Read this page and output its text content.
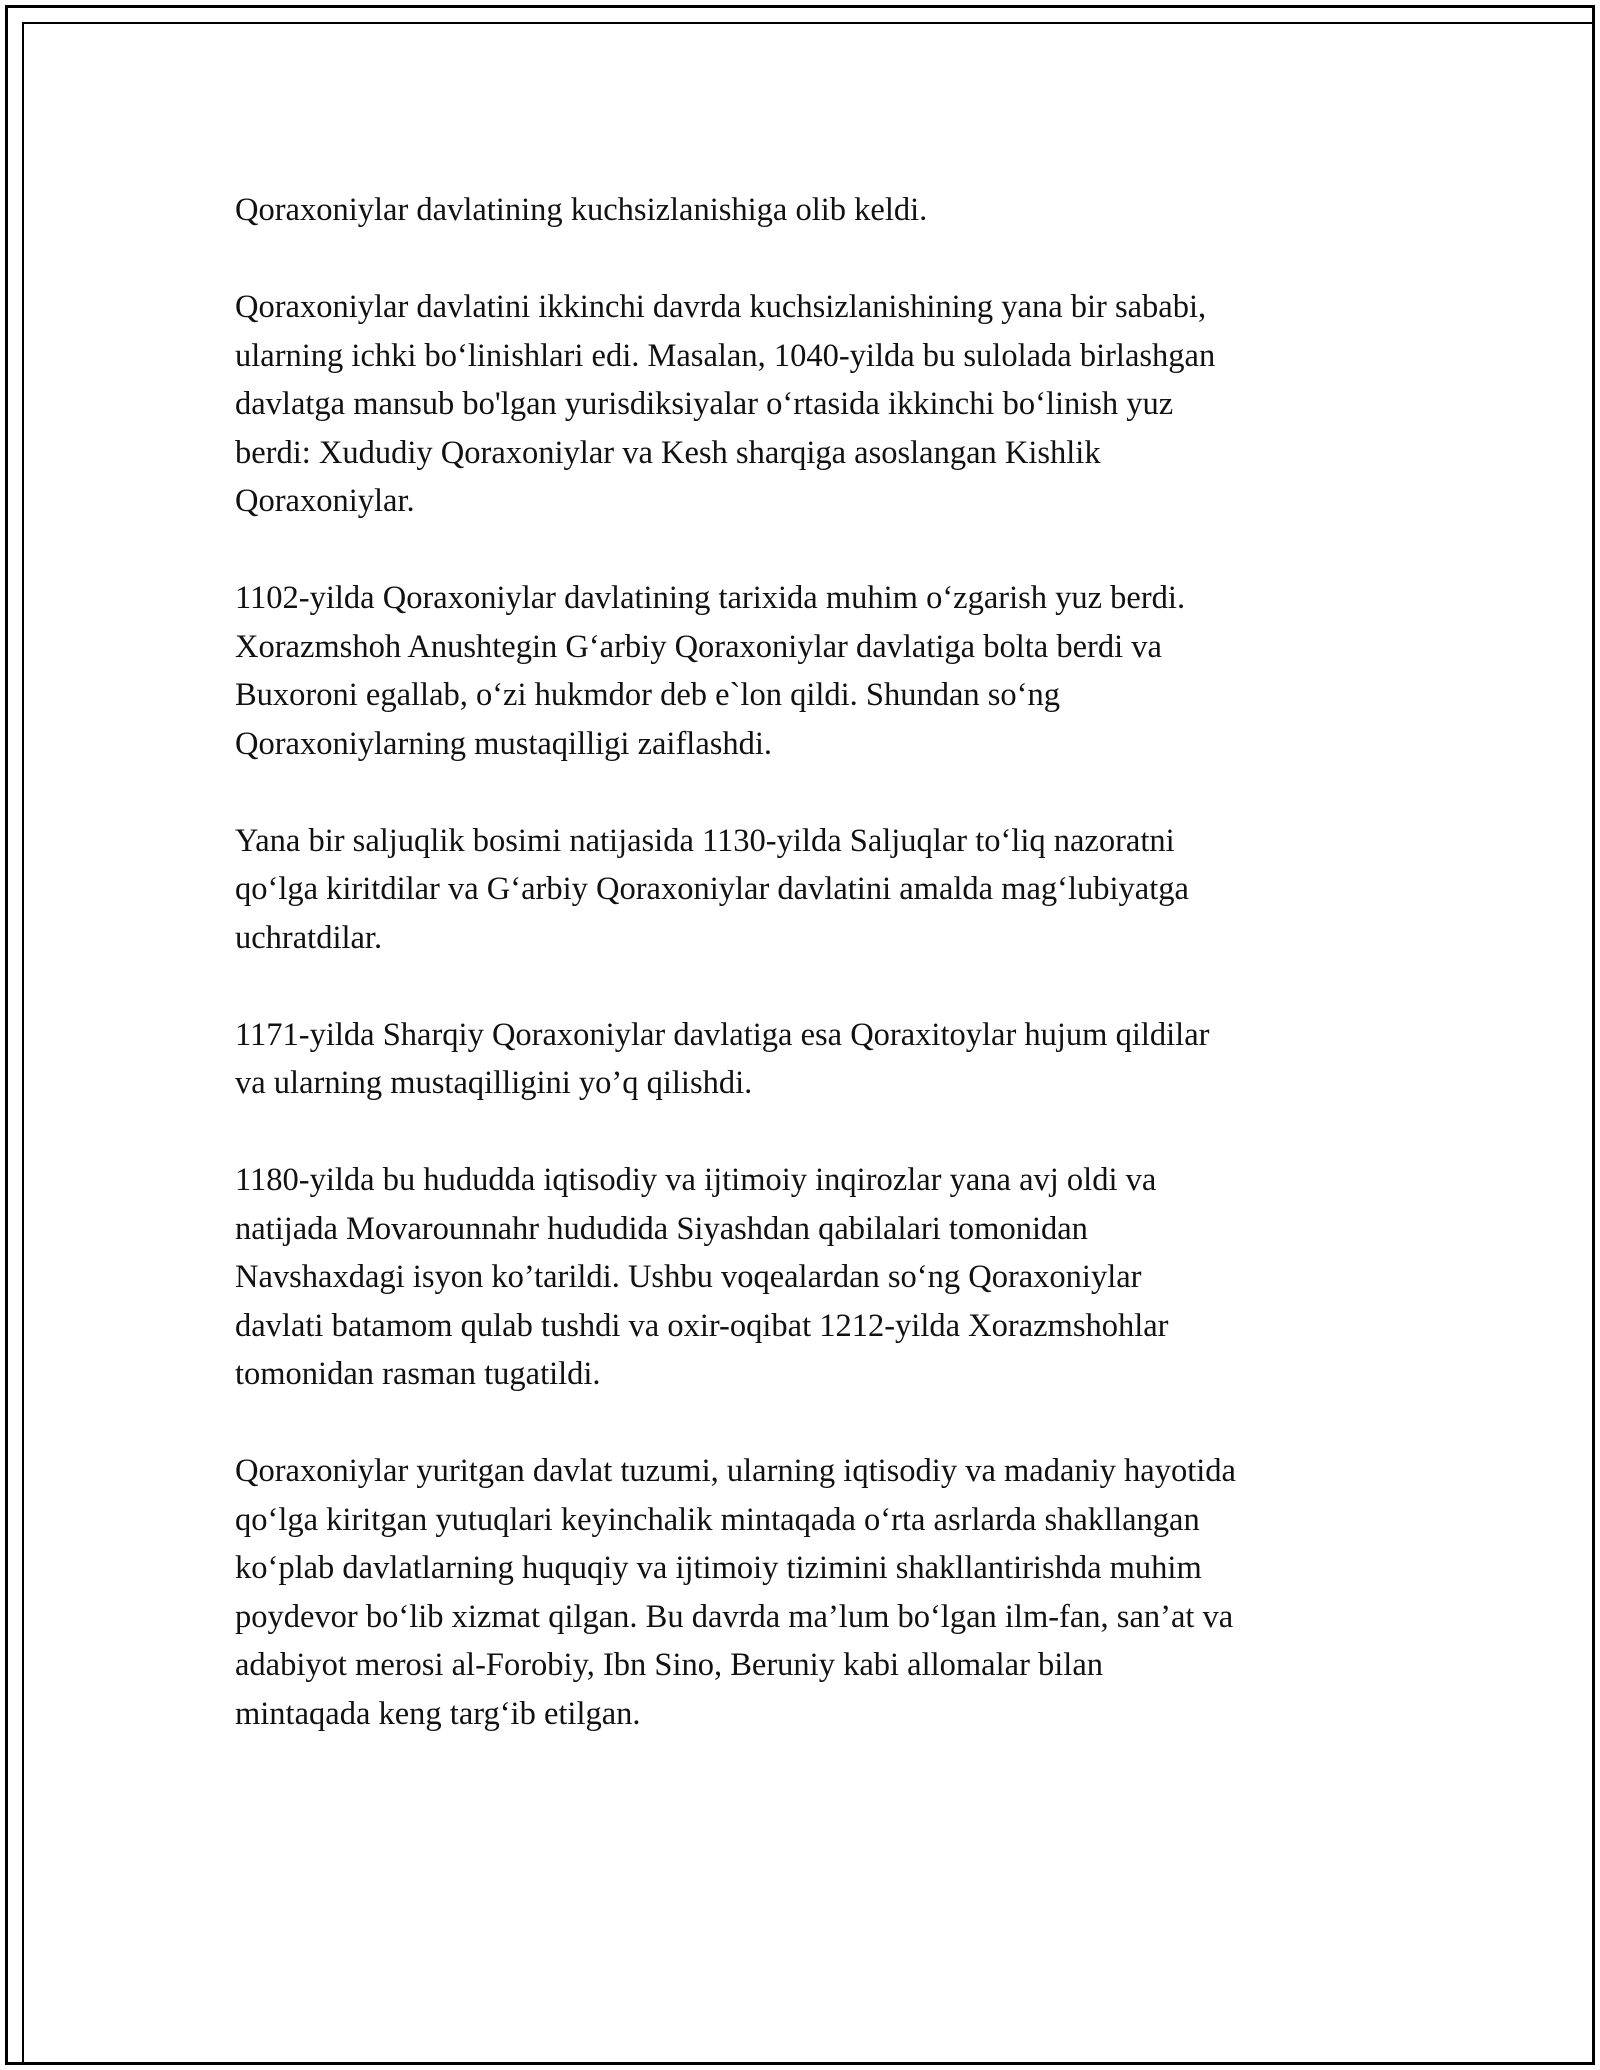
Qoraxoniylar davlatining kuchsizlanishiga olib keldi.

Qoraxoniylar davlatini ikkinchi davrda kuchsizlanishining yana bir sababi,
ularning ichki bo‘linishlari edi. Masalan, 1040-yilda bu sulolada birlashgan
davlatga mansub bo'lgan yurisdiksiyalar o‘rtasida ikkinchi bo‘linish yuz
berdi: Xududiy Qoraxoniylar va Kesh sharqiga asoslangan Kishlik
Qoraxoniylar.

1102-yilda Qoraxoniylar davlatining tarixida muhim o‘zgarish yuz berdi.
Xorazmshoh Anushtegin G‘arbiy Qoraxoniylar davlatiga bolta berdi va
Buxoroni egallab, o‘zi hukmdor deb e`lon qildi. Shundan so‘ng
Qoraxoniylarning mustaqilligi zaiflashdi.

Yana bir saljuqlik bosimi natijasida 1130-yilda Saljuqlar to‘liq nazoratni
qo‘lga kiritdilar va G‘arbiy Qoraxoniylar davlatini amalda mag‘lubiyatga
uchratdilar.

1171-yilda Sharqiy Qoraxoniylar davlatiga esa Qoraxitoylar hujum qildilar
va ularning mustaqilligini yo’q qilishdi.

1180-yilda bu hududda iqtisodiy va ijtimoiy inqirozlar yana avj oldi va
natijada Movarounnahr hududida Siyashdan qabilalari tomonidan
Navshaxdagi isyon ko’tarildi. Ushbu voqealardan so‘ng Qoraxoniylar
davlati batamom qulab tushdi va oxir-oqibat 1212-yilda Xorazmshohlar
tomonidan rasman tugatildi.

Qoraxoniylar yuritgan davlat tuzumi, ularning iqtisodiy va madaniy hayotida
qo‘lga kiritgan yutuqlari keyinchalik mintaqada o‘rta asrlarda shakllangan
ko‘plab davlatlarning huquqiy va ijtimoiy tizimini shakllantirishda muhim
poydevor bo‘lib xizmat qilgan. Bu davrda ma’lum bo‘lgan ilm-fan, san’at va
adabiyot merosi al-Forobiy, Ibn Sino, Beruniy kabi allomalar bilan
mintaqada keng targ‘ib etilgan.
